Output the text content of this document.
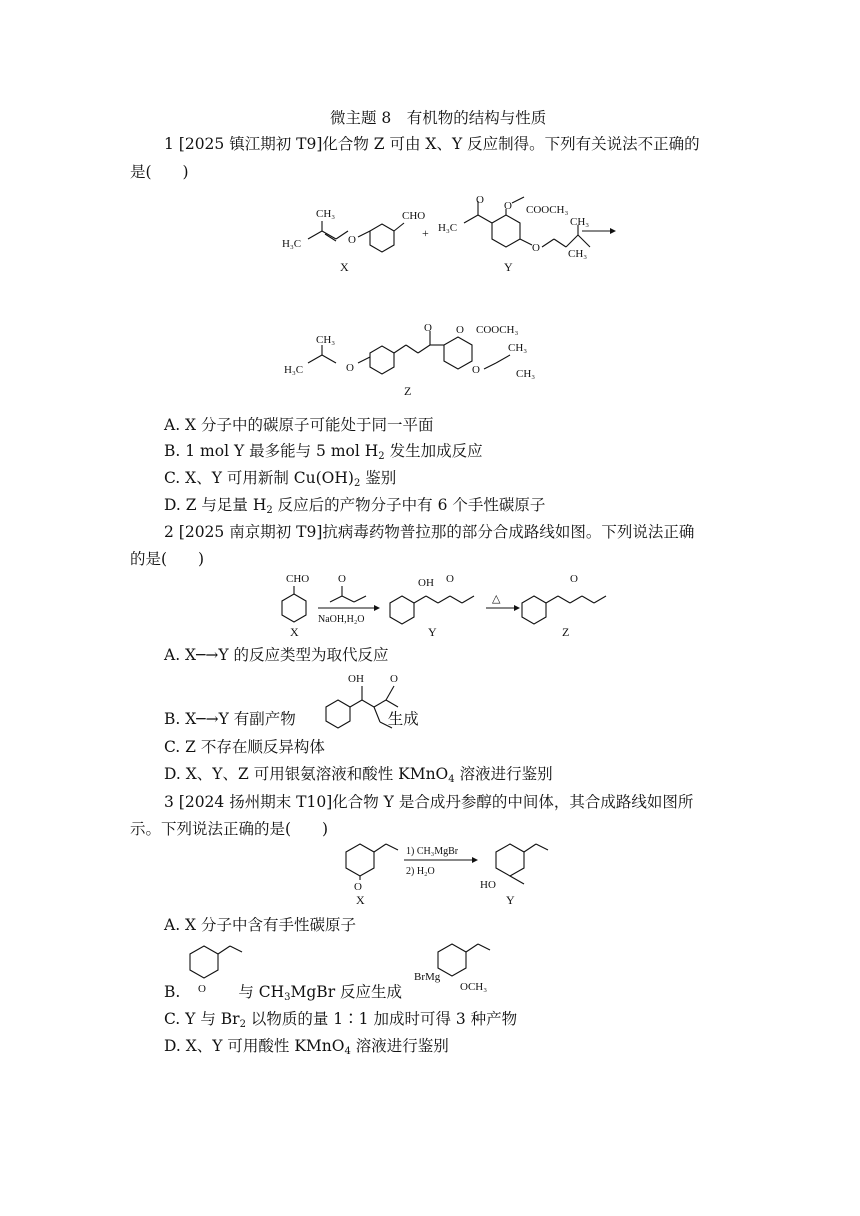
微主题 8　有机物的结构与性质
1 [2025 镇江期初 T9]化合物 Z 可由 X、Y 反应制得。下列有关说法不正确的
是(　　)
CH₃
H₃C	O
CHO
X
+ H₃C
O O COOCH₃
O
CH₃
CH₃
Y
CH₃
H₃C	O
O O COOCH₃
O
CH₃
CH₃
Z
A. X 分子中的碳原子可能处于同一平面
B. 1 mol Y 最多能与 5 mol $H_2$ 发生加成反应
C. X、Y 可用新制 $Cu(OH)_2$ 鉴别
D. Z 与足量 $H_2$ 反应后的产物分子中有 6 个手性碳原子
2 [2025 南京期初 T9]抗病毒药物普拉那的部分合成路线如图。下列说法正确
的是(　　)
CHO
X
O
NaOH,H₂O
OH O
Y
△
O
Z
A. X─→Y 的反应类型为取代反应
B. X─→Y 有副产物	生成
OH O
C. Z 不存在顺反异构体
D. X、Y、Z 可用银氨溶液和酸性 KMnO$_4$ 溶液进行鉴别
3 [2024 扬州期末 T10]化合物 Y 是合成丹参醇的中间体，其合成路线如图所
示。下列说法正确的是(　　)
O
X
1) CH₃MgBr
2) H₂O
HO
Y
A. X 分子中含有手性碳原子
B.	与 $CH_3MgBr$ 反应生成
O
BrMg
OCH₃
C. Y 与 $Br_2$ 以物质的量 1∶1 加成时可得 3 种产物
D. X、Y 可用酸性 KMnO$_4$ 溶液进行鉴别
